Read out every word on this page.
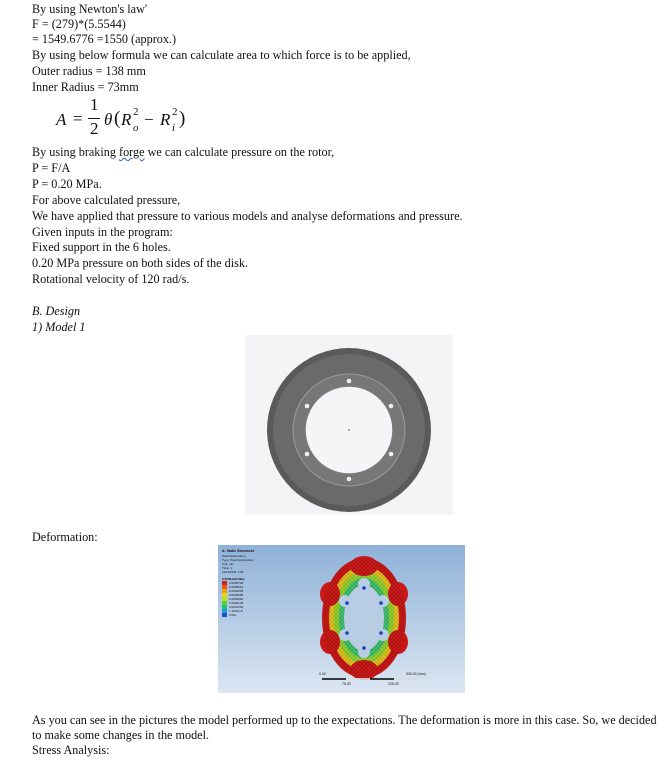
By using Newton's law'
F = (279)*(5.5544)
= 1549.6776 =1550 (approx.)
By using below formula we can calculate area to which force is to be applied,
Outer radius = 138 mm
Inner Radius = 73mm
A =
1
2 θ ( R 2
o − R 2
i )
By using braking forge we can calculate pressure on the rotor,
P = F/A
P = 0.20 MPa.
For above calculated pressure,
We have applied that pressure to various models and analyse deformations and pressure.
Given inputs in the program:
Fixed support in the 6 holes.
0.20 MPa pressure on both sides of the disk.
Rotational velocity of 120 rad/s.
B. Design
1) Model 1
Deformation:
A: Static Structural
Total Deformation
Type: Total Deformation
Unit: mm
Time: 1
11/11/2021 7:58
0.00064443 Max
0.0005728
0.0005012
0.0004296
0.0003580
0.0002864
0.0002148
0.0001432
7.1607e-5
0 Min
0.00	300.00 (mm)
75.00	225.00
As you can see in the pictures the model performed up to the expectations. The deformation is more in this case. So, we decided to make some changes in the model.
Stress Analysis:
